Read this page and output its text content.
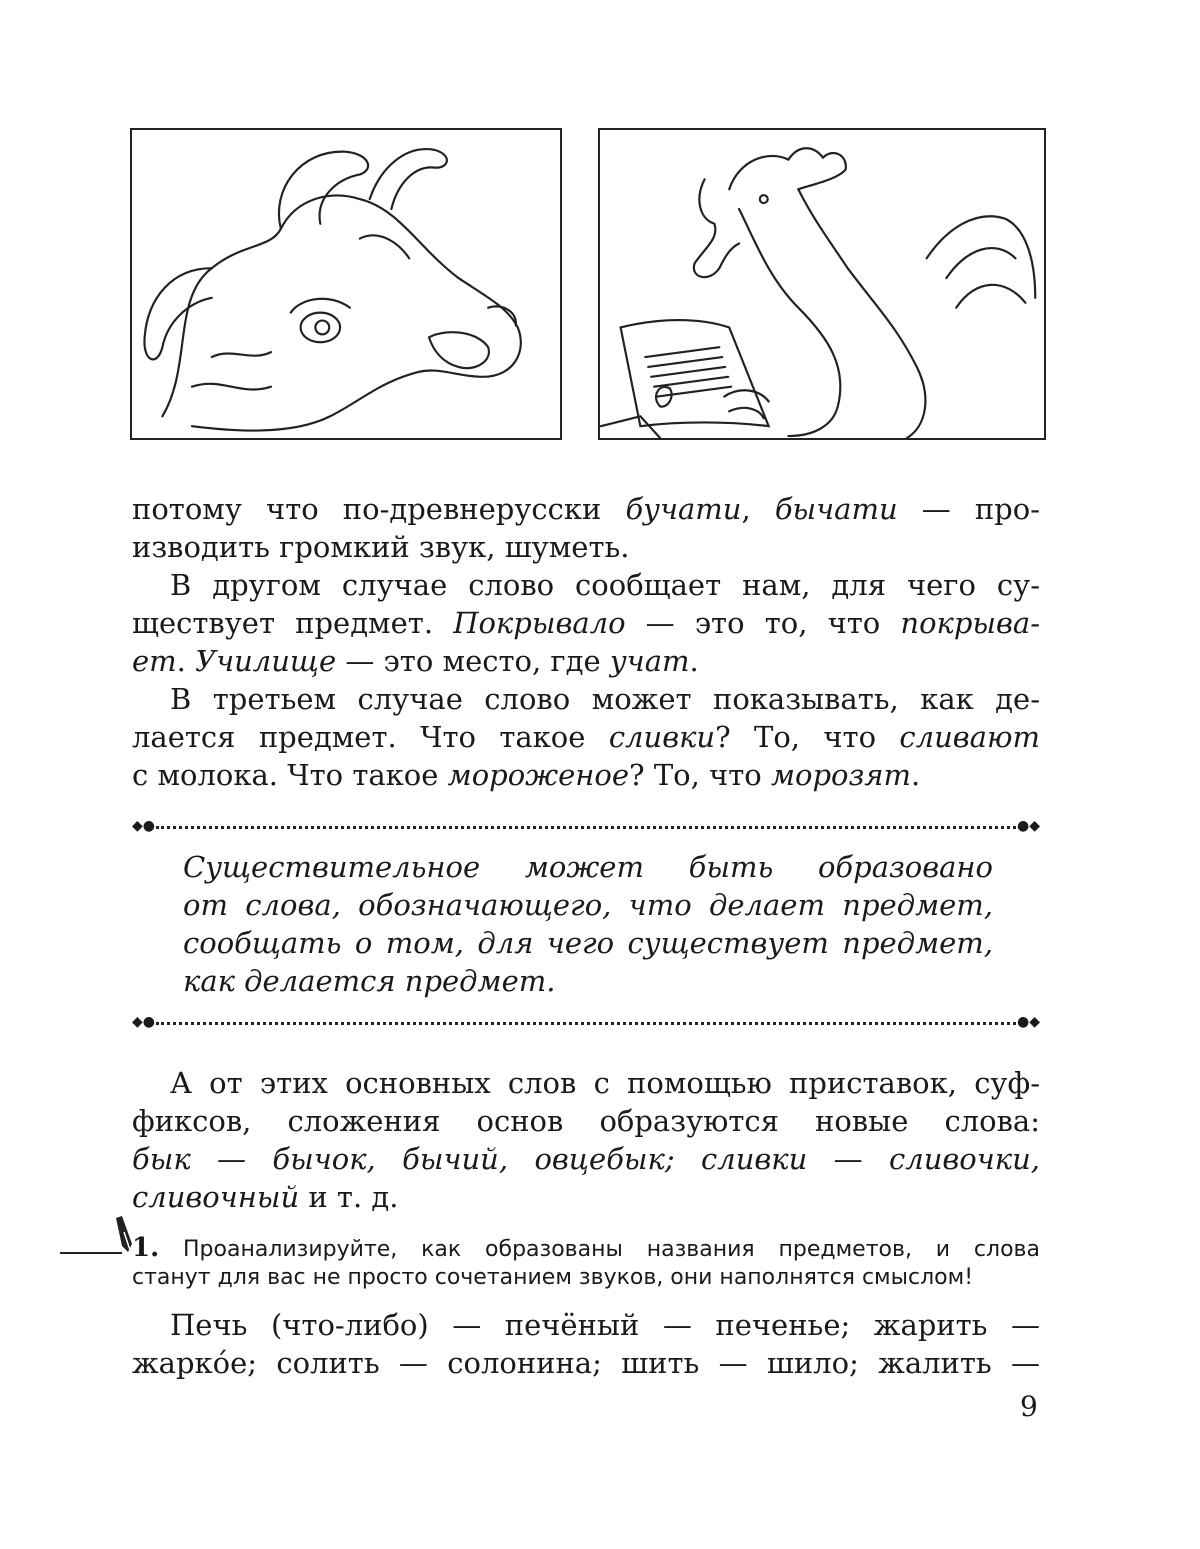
потому что по-древнерусски бучати, бычати — про-

изводить громкий звук, шуметь.

В другом случае слово сообщает нам, для чего су-

ществует предмет. Покрывало — это то, что покрыва-

ет. Училище — это место, где учат.

В третьем случае слово может показывать, как де-

лается предмет. Что такое сливки? То, что сливают

с молока. Что такое мороженое? То, что морозят.

◆●	●◆

Существительное может быть образовано

от слова, обозначающего, что делает предмет,

сообщать о том, для чего существует предмет,

как делается предмет.

◆●	●◆

А от этих основных слов с помощью приставок, суф-

фиксов, сложения основ образуются новые слова:

бык — бычок, бычий, овцебык; сливки — сливочки,

сливочный и т. д.

1. Проанализируйте, как образованы названия предметов, и слова

станут для вас не просто сочетанием звуков, они наполнятся смыслом!

Печь (что-либо) — печёный — печенье; жарить —

жарко́е; солить — солонина; шить — шило; жалить —

9
